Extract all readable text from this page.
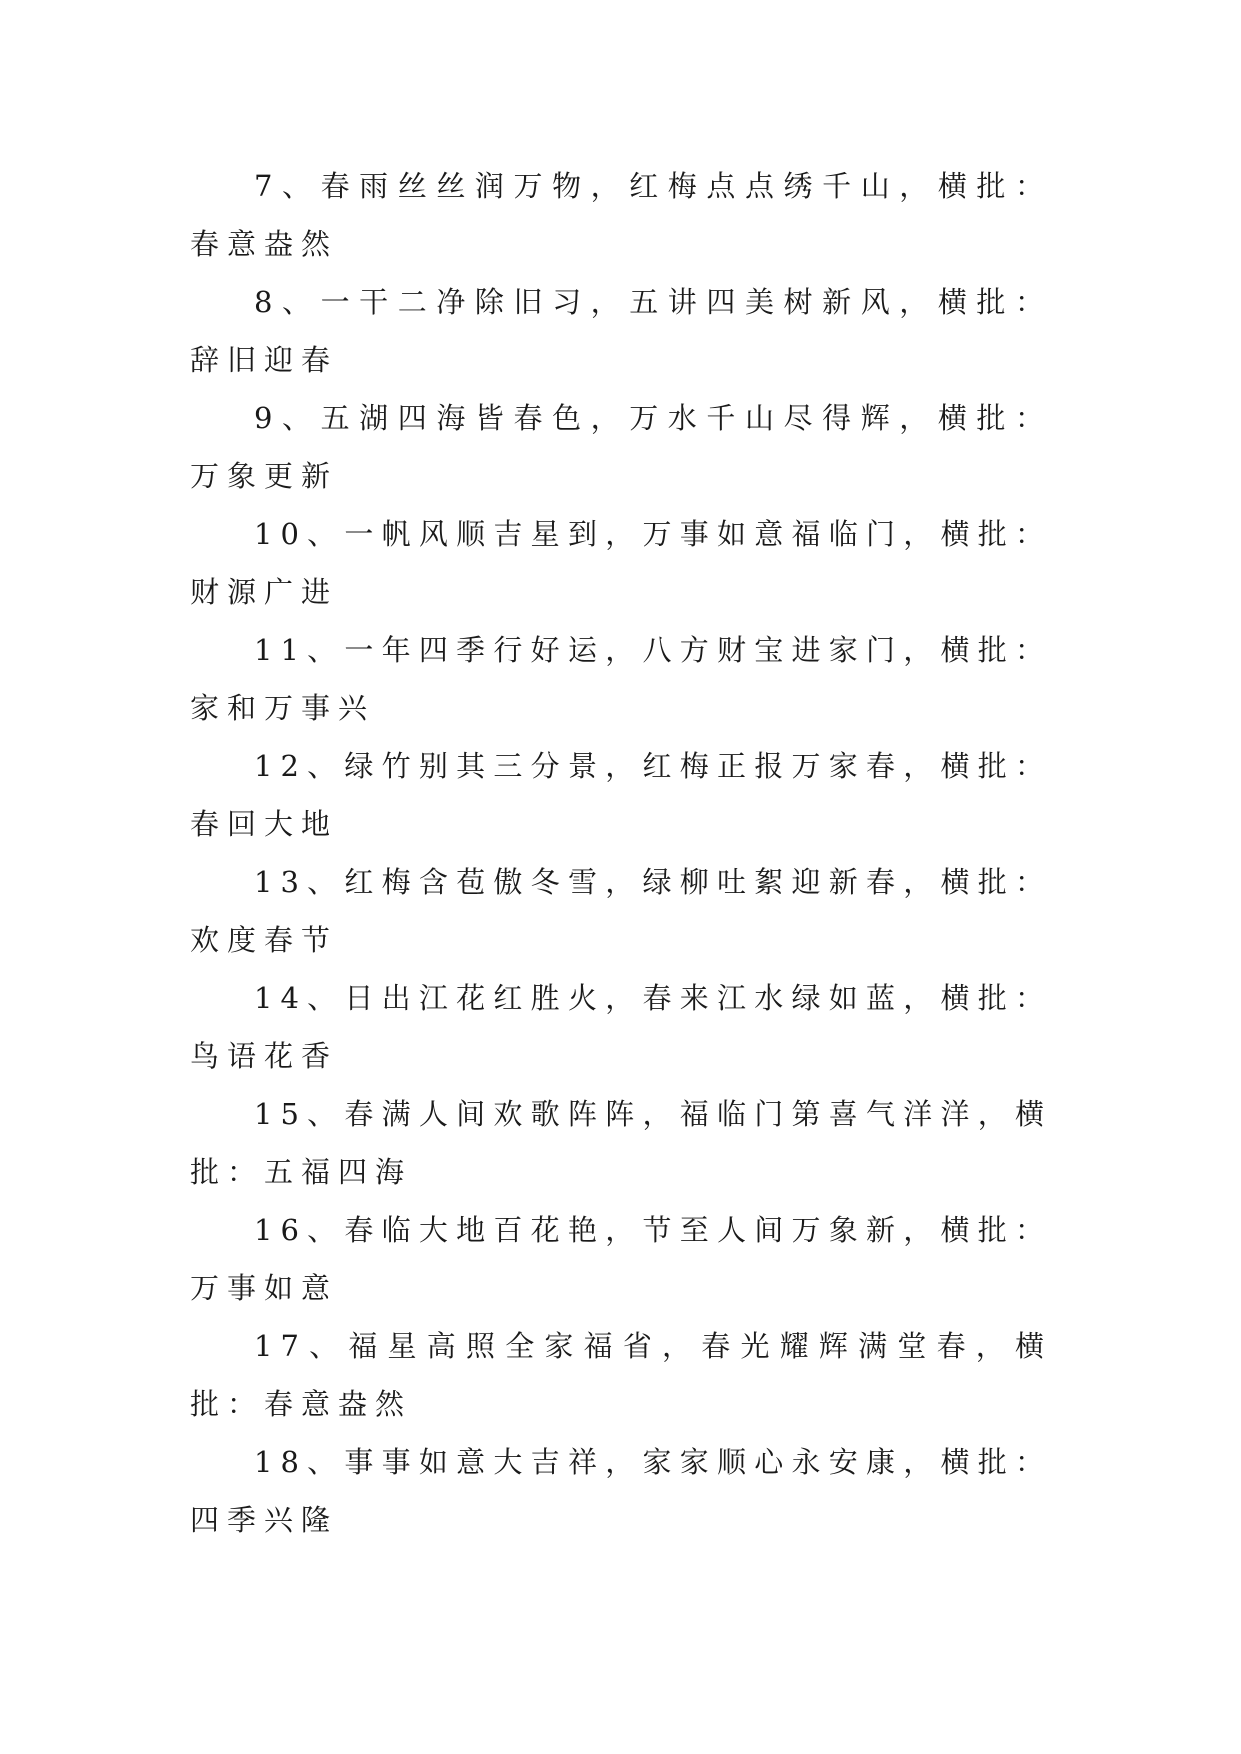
7、春雨丝丝润万物，红梅点点绣千山，横批：春意盎然

8、一干二净除旧习，五讲四美树新风，横批：辞旧迎春

9、五湖四海皆春色，万水千山尽得辉，横批：万象更新

10、一帆风顺吉星到，万事如意福临门，横批：财源广进

11、一年四季行好运，八方财宝进家门，横批：家和万事兴

12、绿竹别其三分景，红梅正报万家春，横批：春回大地

13、红梅含苞傲冬雪，绿柳吐絮迎新春，横批：欢度春节

14、日出江花红胜火，春来江水绿如蓝，横批：鸟语花香

15、春满人间欢歌阵阵，福临门第喜气洋洋，横批：五福四海

16、春临大地百花艳，节至人间万象新，横批：万事如意

17、福星高照全家福省，春光耀辉满堂春，横批：春意盎然

18、事事如意大吉祥，家家顺心永安康，横批：四季兴隆
